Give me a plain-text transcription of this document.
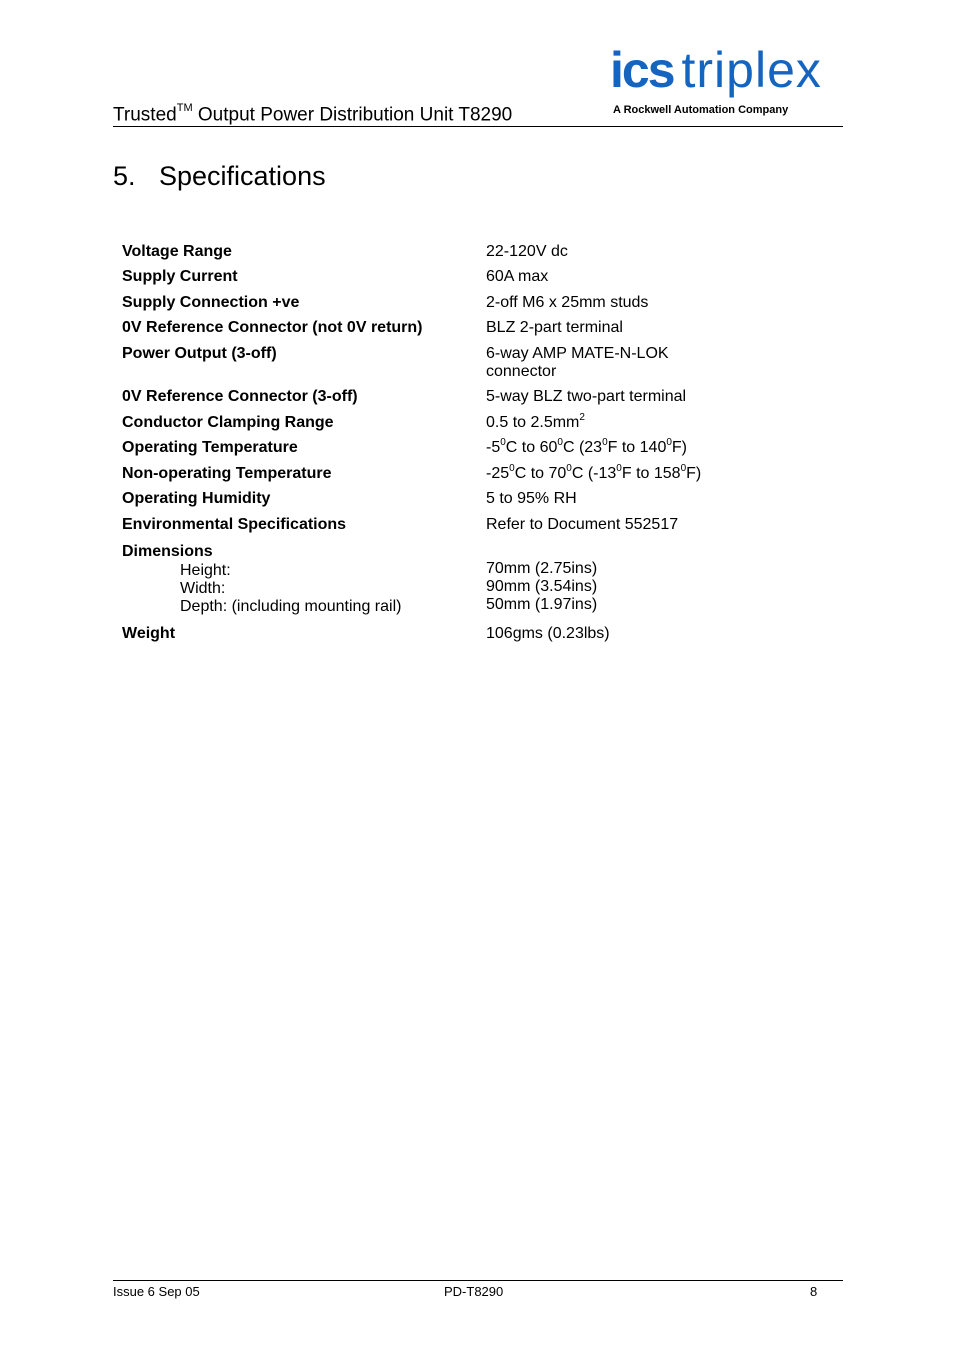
Trusted™ Output Power Distribution Unit T8290
ics triplex
A Rockwell Automation Company
5. Specifications
Voltage Range	22-120V dc
Supply Current	60A max
Supply Connection +ve	2-off M6 x 25mm studs
0V Reference Connector (not 0V return)	BLZ 2-part terminal
Power Output (3-off)	6-way AMP MATE-N-LOK
connector
0V Reference Connector (3-off)	5-way BLZ two-part terminal
Conductor Clamping Range	0.5 to $2.5mm^2$
Operating Temperature	$-5^0C$ to $60^0C$ ($23^0F$ to $140^0F$)
Non-operating Temperature	$-25^0C$ to $70^0C$ ($-13^0F$ to $158^0F$)
Operating Humidity	5 to 95% RH
Environmental Specifications	Refer to Document 552517
Dimensions
Height:	70mm (2.75ins)
Width:	90mm (3.54ins)
Depth: (including mounting rail)	50mm (1.97ins)
Weight	106gms (0.23lbs)
Issue 6 Sep 05	PD-T8290	8
